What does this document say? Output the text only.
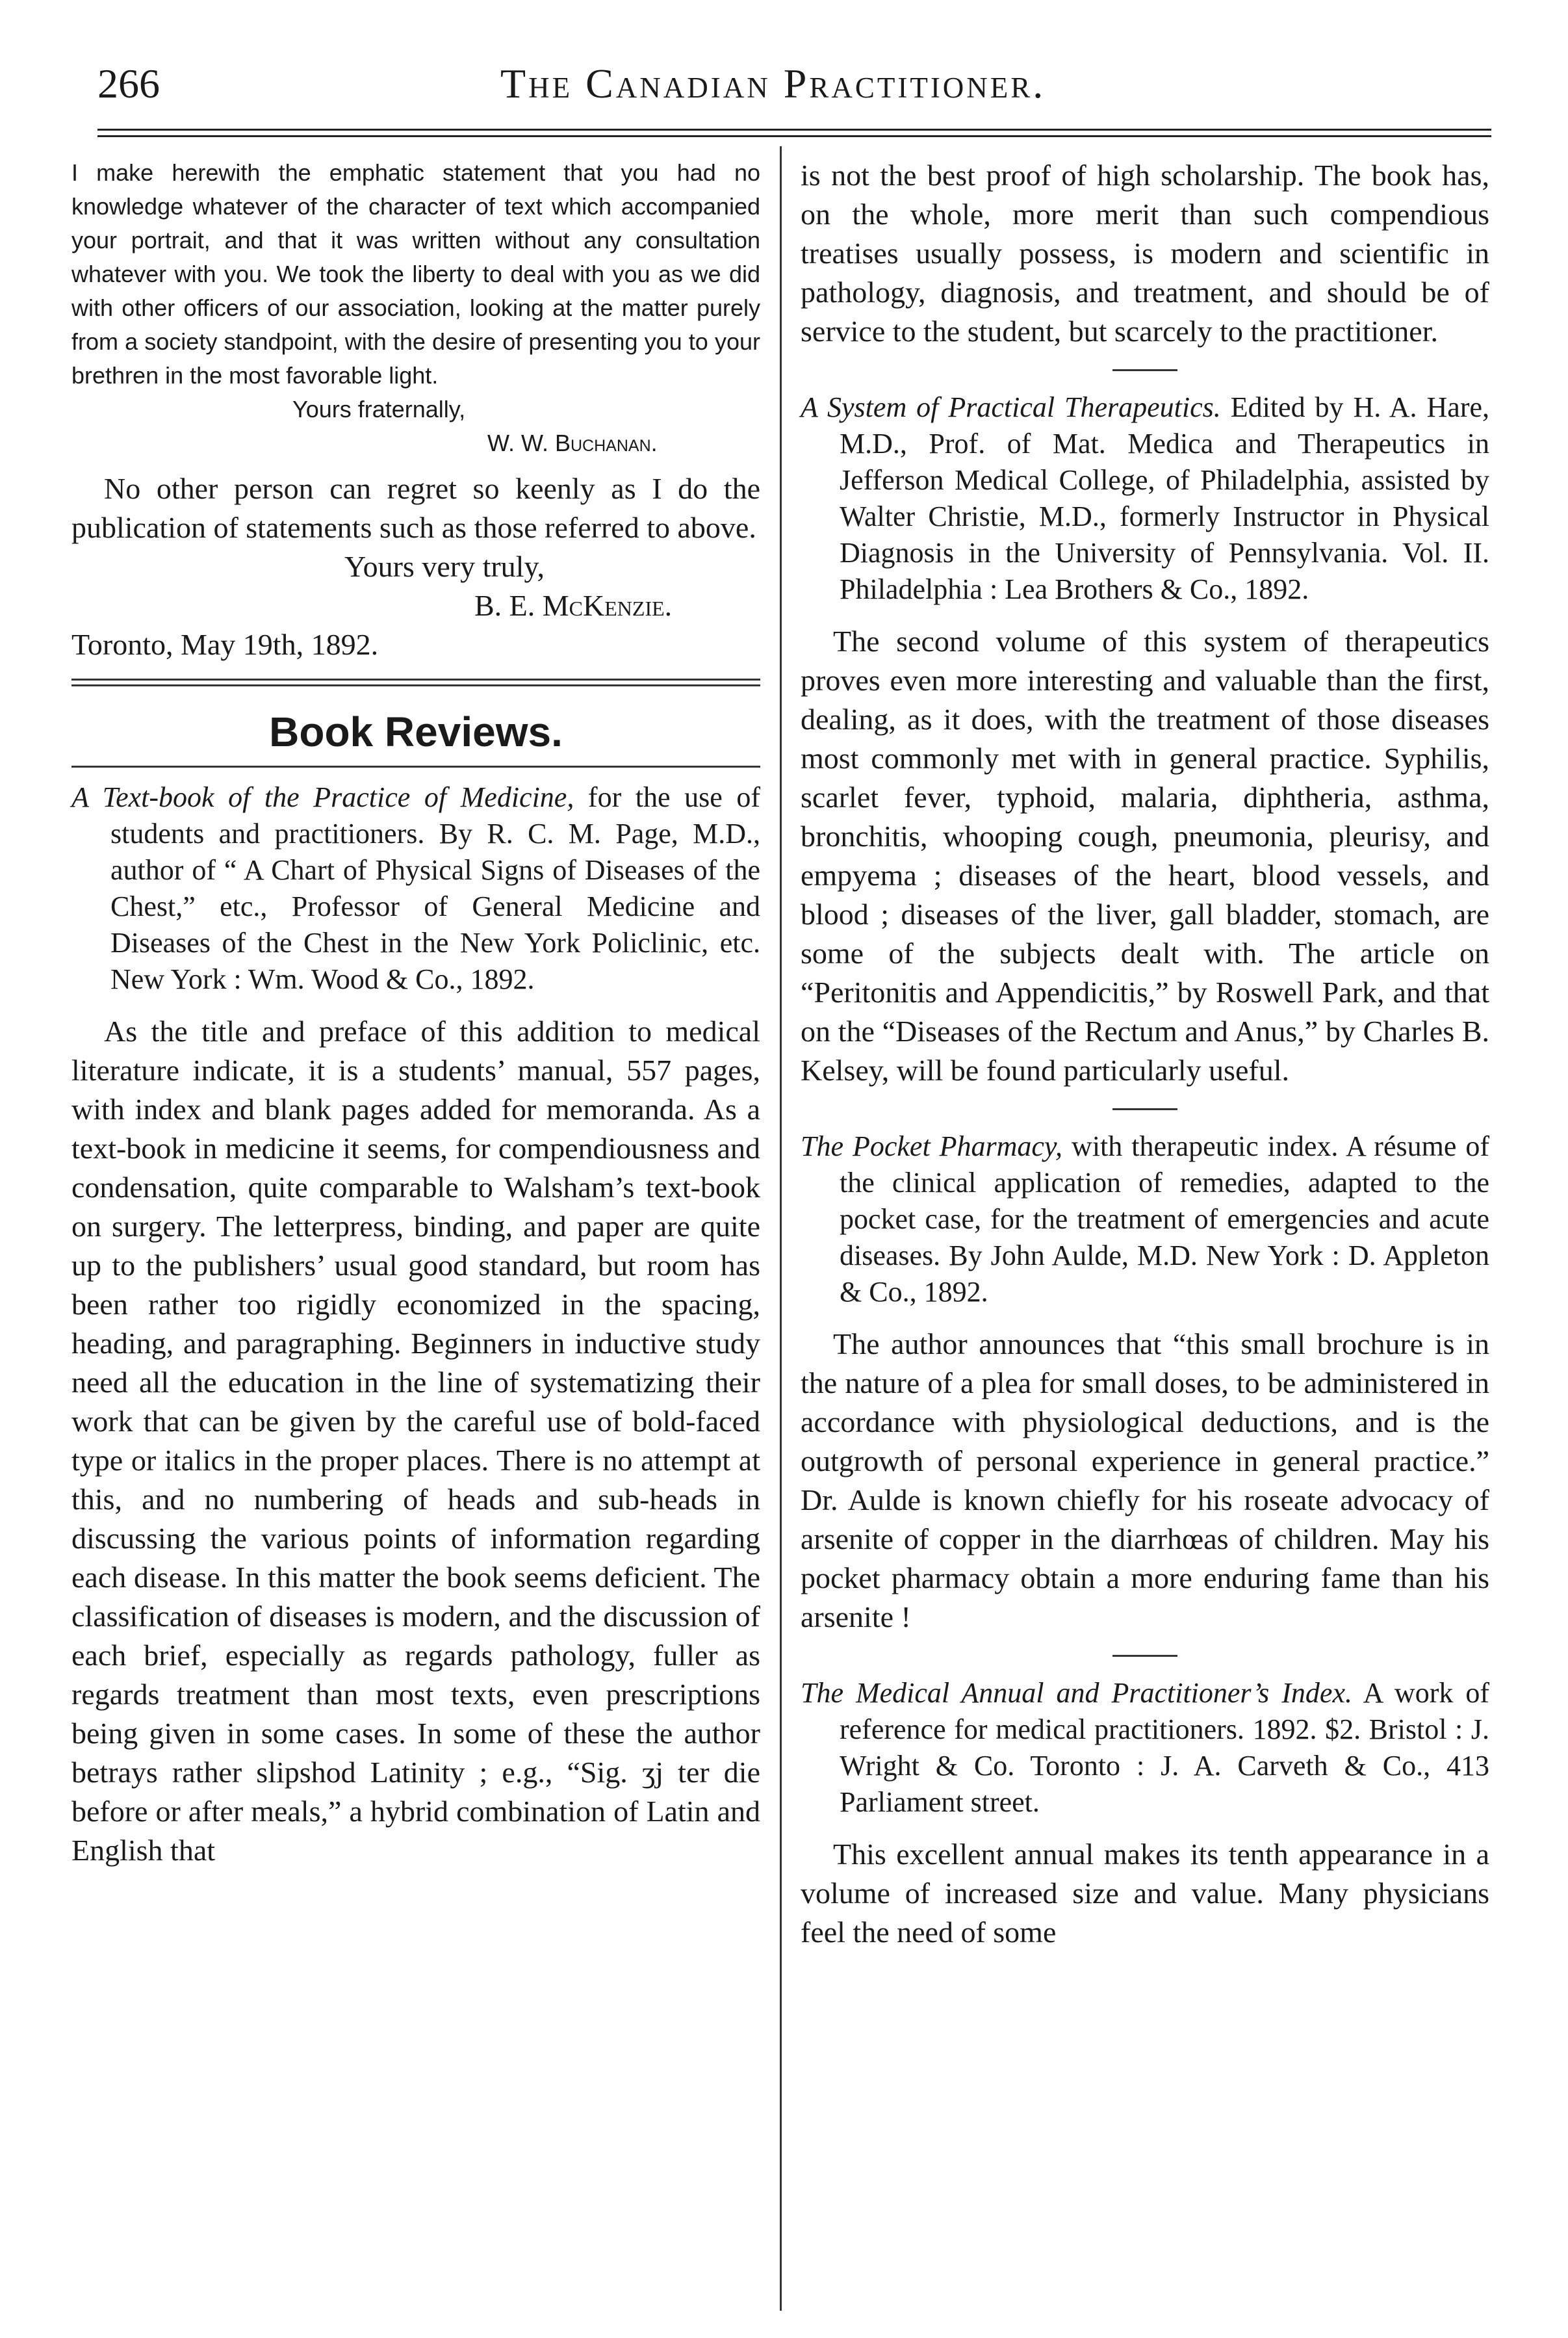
266	The Canadian Practitioner.

I make herewith the emphatic statement that you had no knowledge whatever of the character of text which accompanied your portrait, and that it was written without any consultation whatever with you. We took the liberty to deal with you as we did with other officers of our association, looking at the matter purely from a society standpoint, with the desire of presenting you to your brethren in the most favorable light.

Yours fraternally,
W. W. Buchanan.

No other person can regret so keenly as I do the publication of statements such as those referred to above.

Yours very truly,
B. E. McKenzie.
Toronto, May 19th, 1892.
Book Reviews.

A Text-book of the Practice of Medicine, for the use of students and practitioners. By R. C. M. Page, M.D., author of “ A Chart of Physical Signs of Diseases of the Chest,” etc., Professor of General Medicine and Diseases of the Chest in the New York Policlinic, etc. New York : Wm. Wood & Co., 1892.

As the title and preface of this addition to medical literature indicate, it is a students’ manual, 557 pages, with index and blank pages added for memoranda. As a text-book in medicine it seems, for compendiousness and condensation, quite comparable to Walsham’s text-book on surgery. The letterpress, binding, and paper are quite up to the publishers’ usual good standard, but room has been rather too rigidly economized in the spacing, heading, and paragraphing. Beginners in inductive study need all the education in the line of systematizing their work that can be given by the careful use of bold-faced type or italics in the proper places. There is no attempt at this, and no numbering of heads and sub-heads in discussing the various points of information regarding each disease. In this matter the book seems deficient. The classification of diseases is modern, and the discussion of each brief, especially as regards pathology, fuller as regards treatment than most texts, even prescriptions being given in some cases. In some of these the author betrays rather slipshod Latinity ; e.g., “Sig. ʒj ter die before or after meals,” a hybrid combination of Latin and English that

is not the best proof of high scholarship. The book has, on the whole, more merit than such compendious treatises usually possess, is modern and scientific in pathology, diagnosis, and treatment, and should be of service to the student, but scarcely to the practitioner.

A System of Practical Therapeutics. Edited by H. A. Hare, M.D., Prof. of Mat. Medica and Therapeutics in Jefferson Medical College, of Philadelphia, assisted by Walter Christie, M.D., formerly Instructor in Physical Diagnosis in the University of Pennsylvania. Vol. II. Philadelphia : Lea Brothers & Co., 1892.

The second volume of this system of therapeutics proves even more interesting and valuable than the first, dealing, as it does, with the treatment of those diseases most commonly met with in general practice. Syphilis, scarlet fever, typhoid, malaria, diphtheria, asthma, bronchitis, whooping cough, pneumonia, pleurisy, and empyema ; diseases of the heart, blood vessels, and blood ; diseases of the liver, gall bladder, stomach, are some of the subjects dealt with. The article on “Peritonitis and Appendicitis,” by Roswell Park, and that on the “Diseases of the Rectum and Anus,” by Charles B. Kelsey, will be found particularly useful.

The Pocket Pharmacy, with therapeutic index. A résume of the clinical application of remedies, adapted to the pocket case, for the treatment of emergencies and acute diseases. By John Aulde, M.D. New York : D. Appleton & Co., 1892.

The author announces that “this small brochure is in the nature of a plea for small doses, to be administered in accordance with physiological deductions, and is the outgrowth of personal experience in general practice.” Dr. Aulde is known chiefly for his roseate advocacy of arsenite of copper in the diarrhœas of children. May his pocket pharmacy obtain a more enduring fame than his arsenite !

The Medical Annual and Practitioner’s Index. A work of reference for medical practitioners. 1892. $2. Bristol : J. Wright & Co. Toronto : J. A. Carveth & Co., 413 Parliament street.

This excellent annual makes its tenth appearance in a volume of increased size and value. Many physicians feel the need of some
